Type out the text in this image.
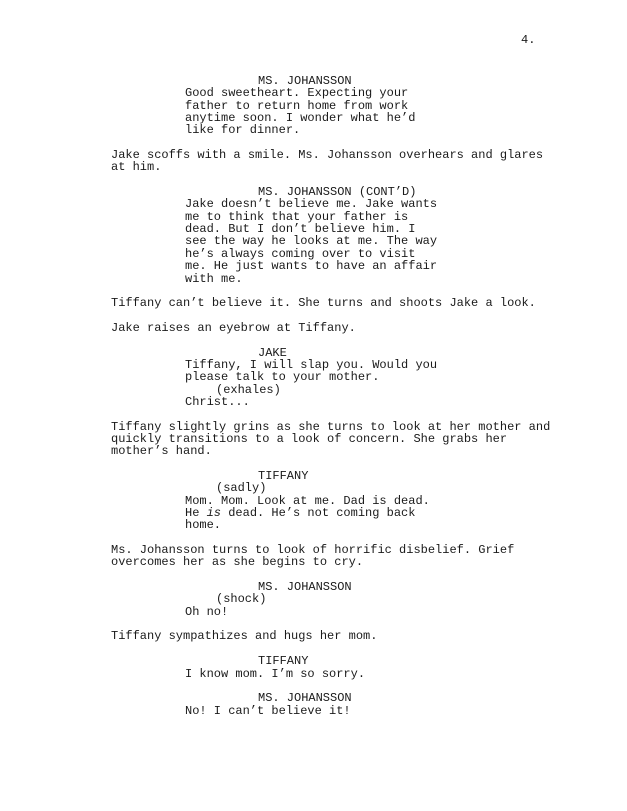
4.
MS. JOHANSSON
Good sweetheart. Expecting your
father to return home from work
anytime soon. I wonder what he’d
like for dinner.
Jake scoffs with a smile. Ms. Johansson overhears and glares
at him.
MS. JOHANSSON (CONT’D)
Jake doesn’t believe me. Jake wants
me to think that your father is
dead. But I don’t believe him. I
see the way he looks at me. The way
he’s always coming over to visit
me. He just wants to have an affair
with me.
Tiffany can’t believe it. She turns and shoots Jake a look.
Jake raises an eyebrow at Tiffany.
JAKE
Tiffany, I will slap you. Would you
please talk to your mother.
(exhales)
Christ...
Tiffany slightly grins as she turns to look at her mother and
quickly transitions to a look of concern. She grabs her
mother’s hand.
TIFFANY
(sadly)
Mom. Mom. Look at me. Dad is dead.
He is dead. He’s not coming back
home.
Ms. Johansson turns to look of horrific disbelief. Grief
overcomes her as she begins to cry.
MS. JOHANSSON
(shock)
Oh no!
Tiffany sympathizes and hugs her mom.
TIFFANY
I know mom. I’m so sorry.
MS. JOHANSSON
No! I can’t believe it!
